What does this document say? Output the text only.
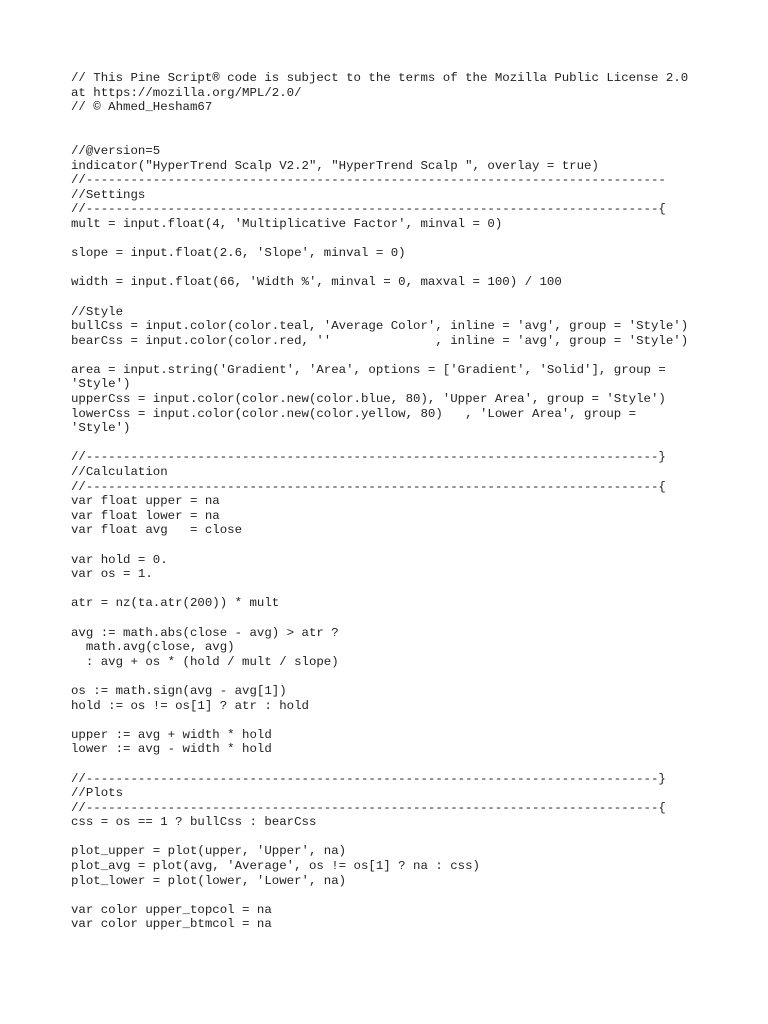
// This Pine Script® code is subject to the terms of the Mozilla Public License 2.0
at https://mozilla.org/MPL/2.0/
// © Ahmed_Hesham67
//@version=5
indicator("HyperTrend Scalp V2.2", "HyperTrend Scalp ", overlay = true)
//------------------------------------------------------------------------------
//Settings
//-----------------------------------------------------------------------------{
mult = input.float(4, 'Multiplicative Factor', minval = 0)
slope = input.float(2.6, 'Slope', minval = 0)
width = input.float(66, 'Width %', minval = 0, maxval = 100) / 100
//Style
bullCss = input.color(color.teal, 'Average Color', inline = 'avg', group = 'Style')
bearCss = input.color(color.red, ''              , inline = 'avg', group = 'Style')
area = input.string('Gradient', 'Area', options = ['Gradient', 'Solid'], group =
'Style')
upperCss = input.color(color.new(color.blue, 80), 'Upper Area', group = 'Style')
lowerCss = input.color(color.new(color.yellow, 80)   , 'Lower Area', group =
'Style')
//-----------------------------------------------------------------------------}
//Calculation
//-----------------------------------------------------------------------------{
var float upper = na
var float lower = na
var float avg   = close
var hold = 0.
var os = 1.
atr = nz(ta.atr(200)) * mult
avg := math.abs(close - avg) > atr ?
math.avg(close, avg)
: avg + os * (hold / mult / slope)
os := math.sign(avg - avg[1])
hold := os != os[1] ? atr : hold
upper := avg + width * hold
lower := avg - width * hold
//-----------------------------------------------------------------------------}
//Plots
//-----------------------------------------------------------------------------{
css = os == 1 ? bullCss : bearCss
plot_upper = plot(upper, 'Upper', na)
plot_avg = plot(avg, 'Average', os != os[1] ? na : css)
plot_lower = plot(lower, 'Lower', na)
var color upper_topcol = na
var color upper_btmcol = na
